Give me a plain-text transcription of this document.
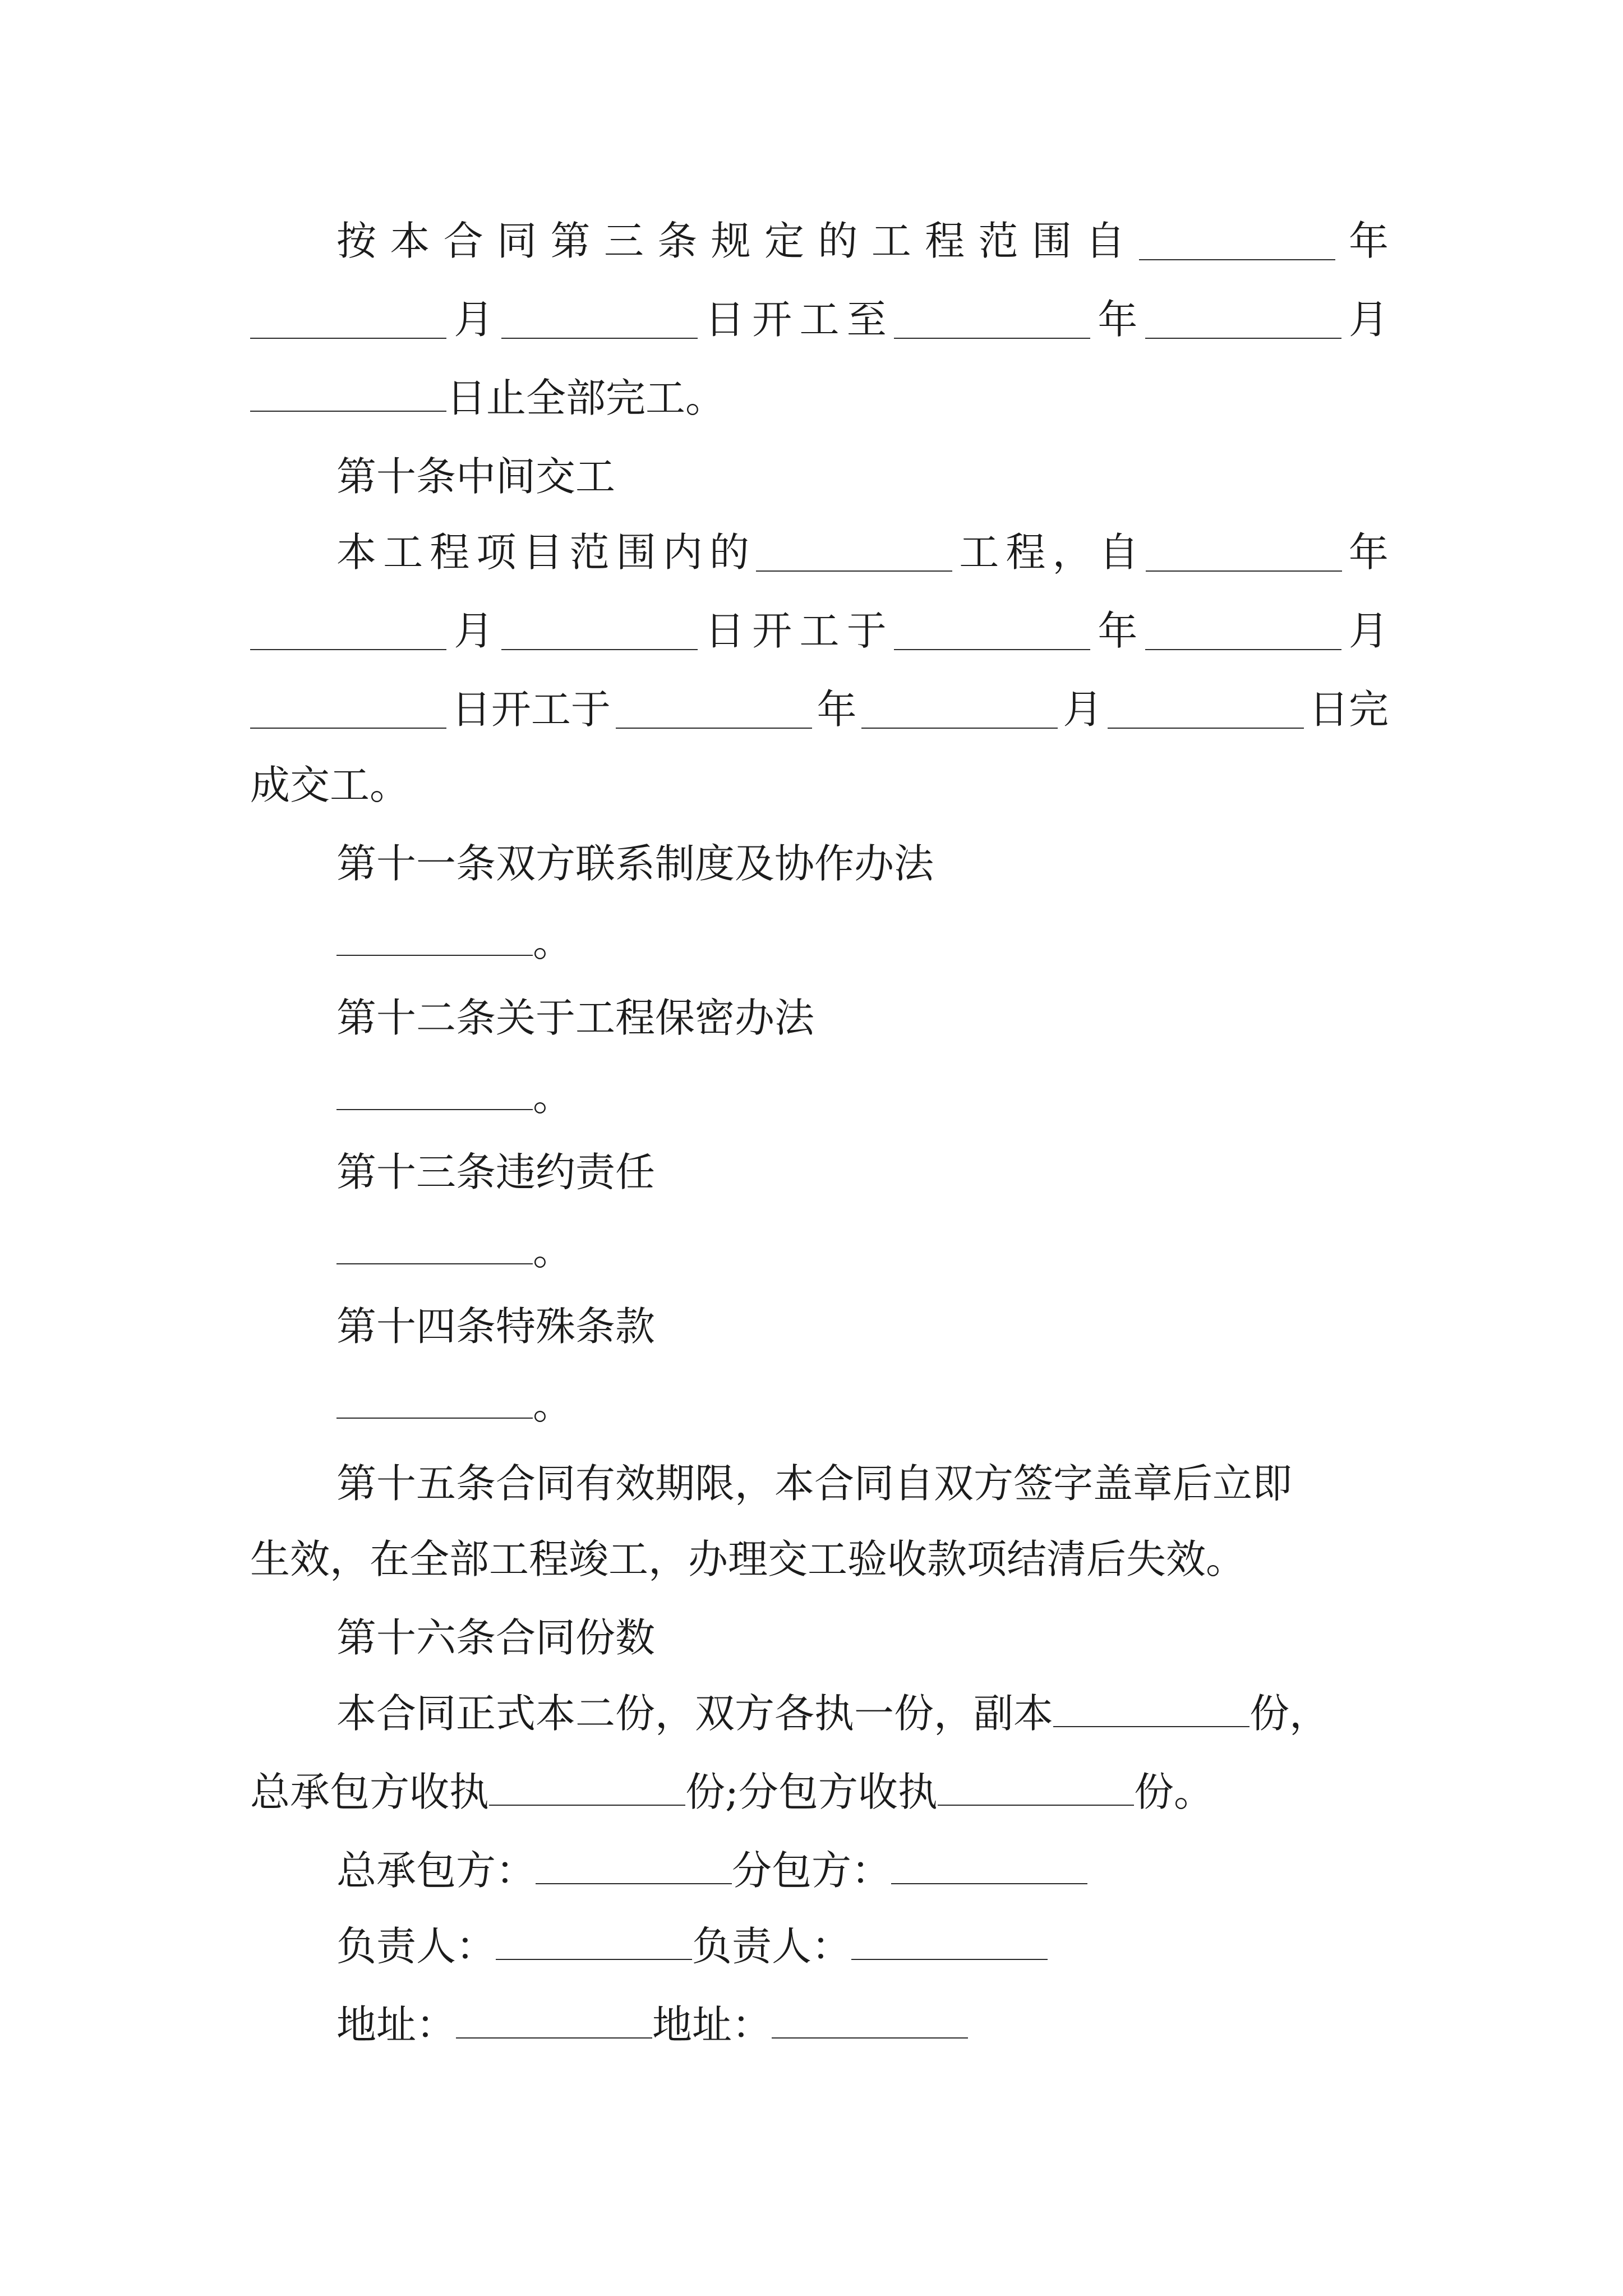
按 本 合 同 第 三 条 规 定 的 工 程 范 围 自	年
月	日 开 工 至	年	月
日止全部完工。
第十条中间交工
本 工 程 项 目 范 围 内 的	工 程 ， 自	年
月	日 开 工 于	年	月
日开工于	年	月	日完
成交工。
第十一条双方联系制度及协作办法
。
第十二条关于工程保密办法
。
第十三条违约责任
。
第十四条特殊条款
。
第十五条合同有效期限，本合同自双方签字盖章后立即
生效，在全部工程竣工，办理交工验收款项结清后失效。
第十六条合同份数
本合同正式本二份，双方各执一份，副本	份，
总承包方收执	份;分包方收执	份。
总承包方：	分包方：
负责人：	负责人：
地址：	地址：
